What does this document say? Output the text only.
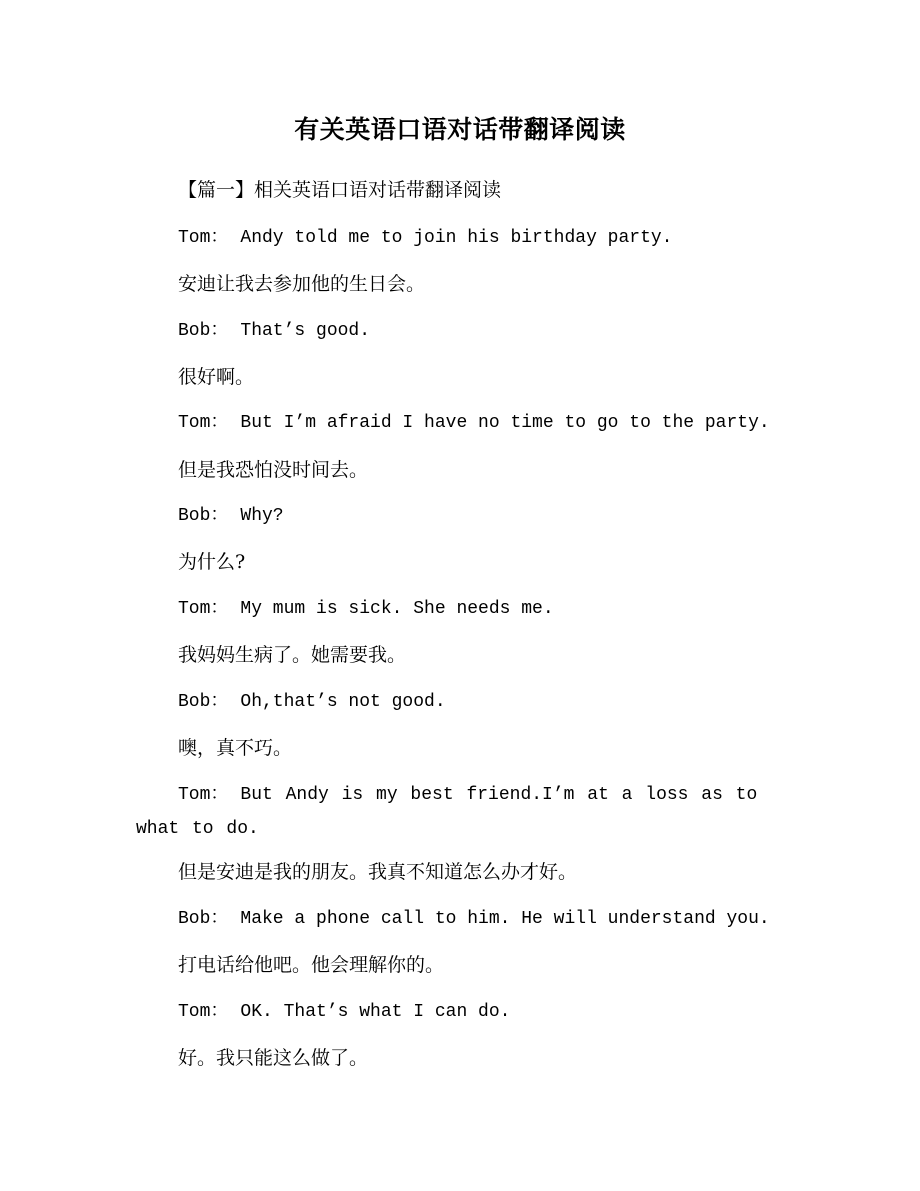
有关英语口语对话带翻译阅读
【篇一】相关英语口语对话带翻译阅读
Tom： Andy told me to join his birthday party.
安迪让我去参加他的生日会。
Bob： That’s good.
很好啊。
Tom： But I’m afraid I have no time to go to the party.
但是我恐怕没时间去。
Bob： Why?
为什么?
Tom： My mum is sick. She needs me.
我妈妈生病了。她需要我。
Bob： Oh,that’s not good.
噢，真不巧。
Tom： But Andy is my best friend.I’m at a loss as to what to do.
但是安迪是我的朋友。我真不知道怎么办才好。
Bob： Make a phone call to him. He will understand you.
打电话给他吧。他会理解你的。
Tom： OK. That’s what I can do.
好。我只能这么做了。
